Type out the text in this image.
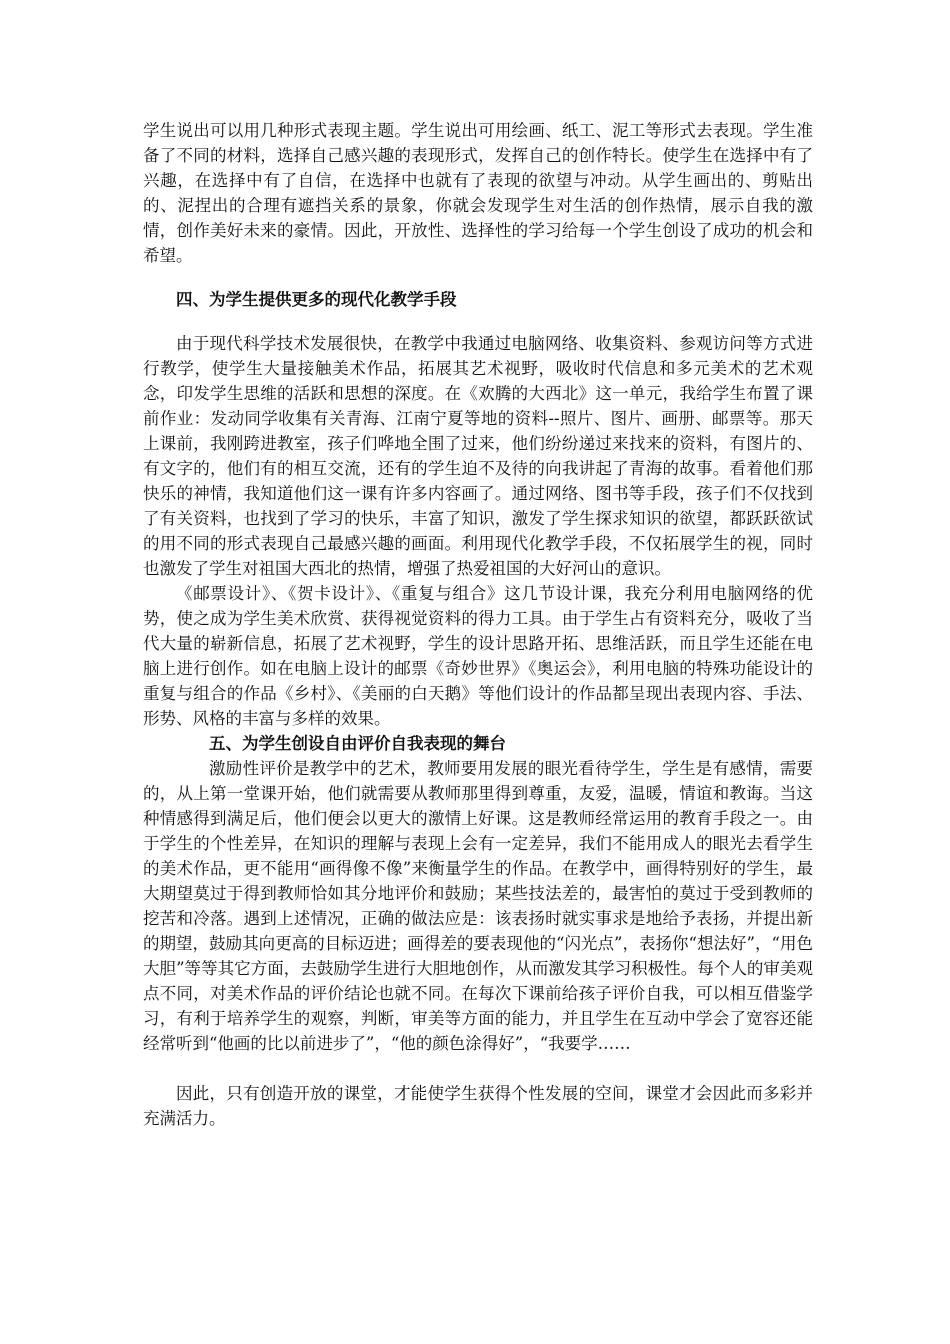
学生说出可以用几种形式表现主题。学生说出可用绘画、纸工、泥工等形式去表现。学生准备了不同的材料，选择自己感兴趣的表现形式，发挥自己的创作特长。使学生在选择中有了兴趣，在选择中有了自信，在选择中也就有了表现的欲望与冲动。从学生画出的、剪贴出的、泥捏出的合理有遮挡关系的景象，你就会发现学生对生活的创作热情，展示自我的激情，创作美好未来的豪情。因此，开放性、选择性的学习给每一个学生创设了成功的机会和希望。

四、为学生提供更多的现代化教学手段

由于现代科学技术发展很快，在教学中我通过电脑网络、收集资料、参观访问等方式进行教学，使学生大量接触美术作品，拓展其艺术视野，吸收时代信息和多元美术的艺术观念，印发学生思维的活跃和思想的深度。在《欢腾的大西北》这一单元，我给学生布置了课前作业：发动同学收集有关青海、江南宁夏等地的资料--照片、图片、画册、邮票等。那天上课前，我刚跨进教室，孩子们哗地全围了过来，他们纷纷递过来找来的资料，有图片的、有文字的，他们有的相互交流，还有的学生迫不及待的向我讲起了青海的故事。看着他们那快乐的神情，我知道他们这一课有许多内容画了。通过网络、图书等手段，孩子们不仅找到了有关资料，也找到了学习的快乐，丰富了知识，激发了学生探求知识的欲望，都跃跃欲试的用不同的形式表现自己最感兴趣的画面。利用现代化教学手段，不仅拓展学生的视，同时也激发了学生对祖国大西北的热情，增强了热爱祖国的大好河山的意识。

《邮票设计》、《贺卡设计》、《重复与组合》这几节设计课，我充分利用电脑网络的优势，使之成为学生美术欣赏、获得视觉资料的得力工具。由于学生占有资料充分，吸收了当代大量的崭新信息，拓展了艺术视野，学生的设计思路开拓、思维活跃，而且学生还能在电脑上进行创作。如在电脑上设计的邮票《奇妙世界》《奥运会》，利用电脑的特殊功能设计的重复与组合的作品《乡村》、《美丽的白天鹅》等他们设计的作品都呈现出表现内容、手法、形势、风格的丰富与多样的效果。

五、为学生创设自由评价自我表现的舞台

激励性评价是教学中的艺术，教师要用发展的眼光看待学生，学生是有感情，需要的，从上第一堂课开始，他们就需要从教师那里得到尊重，友爱，温暖，情谊和教诲。当这种情感得到满足后，他们便会以更大的激情上好课。这是教师经常运用的教育手段之一。由于学生的个性差异，在知识的理解与表现上会有一定差异，我们不能用成人的眼光去看学生的美术作品，更不能用“画得像不像”来衡量学生的作品。在教学中，画得特别好的学生，最大期望莫过于得到教师恰如其分地评价和鼓励；某些技法差的，最害怕的莫过于受到教师的挖苦和冷落。遇到上述情况，正确的做法应是：该表扬时就实事求是地给予表扬，并提出新的期望，鼓励其向更高的目标迈进；画得差的要表现他的“闪光点”，表扬你“想法好”，“用色大胆”等等其它方面，去鼓励学生进行大胆地创作，从而激发其学习积极性。每个人的审美观点不同，对美术作品的评价结论也就不同。在每次下课前给孩子评价自我，可以相互借鉴学习，有利于培养学生的观察，判断，审美等方面的能力，并且学生在互动中学会了宽容还能经常听到“他画的比以前进步了”，“他的颜色涂得好”，“我要学……

因此，只有创造开放的课堂，才能使学生获得个性发展的空间，课堂才会因此而多彩并充满活力。
